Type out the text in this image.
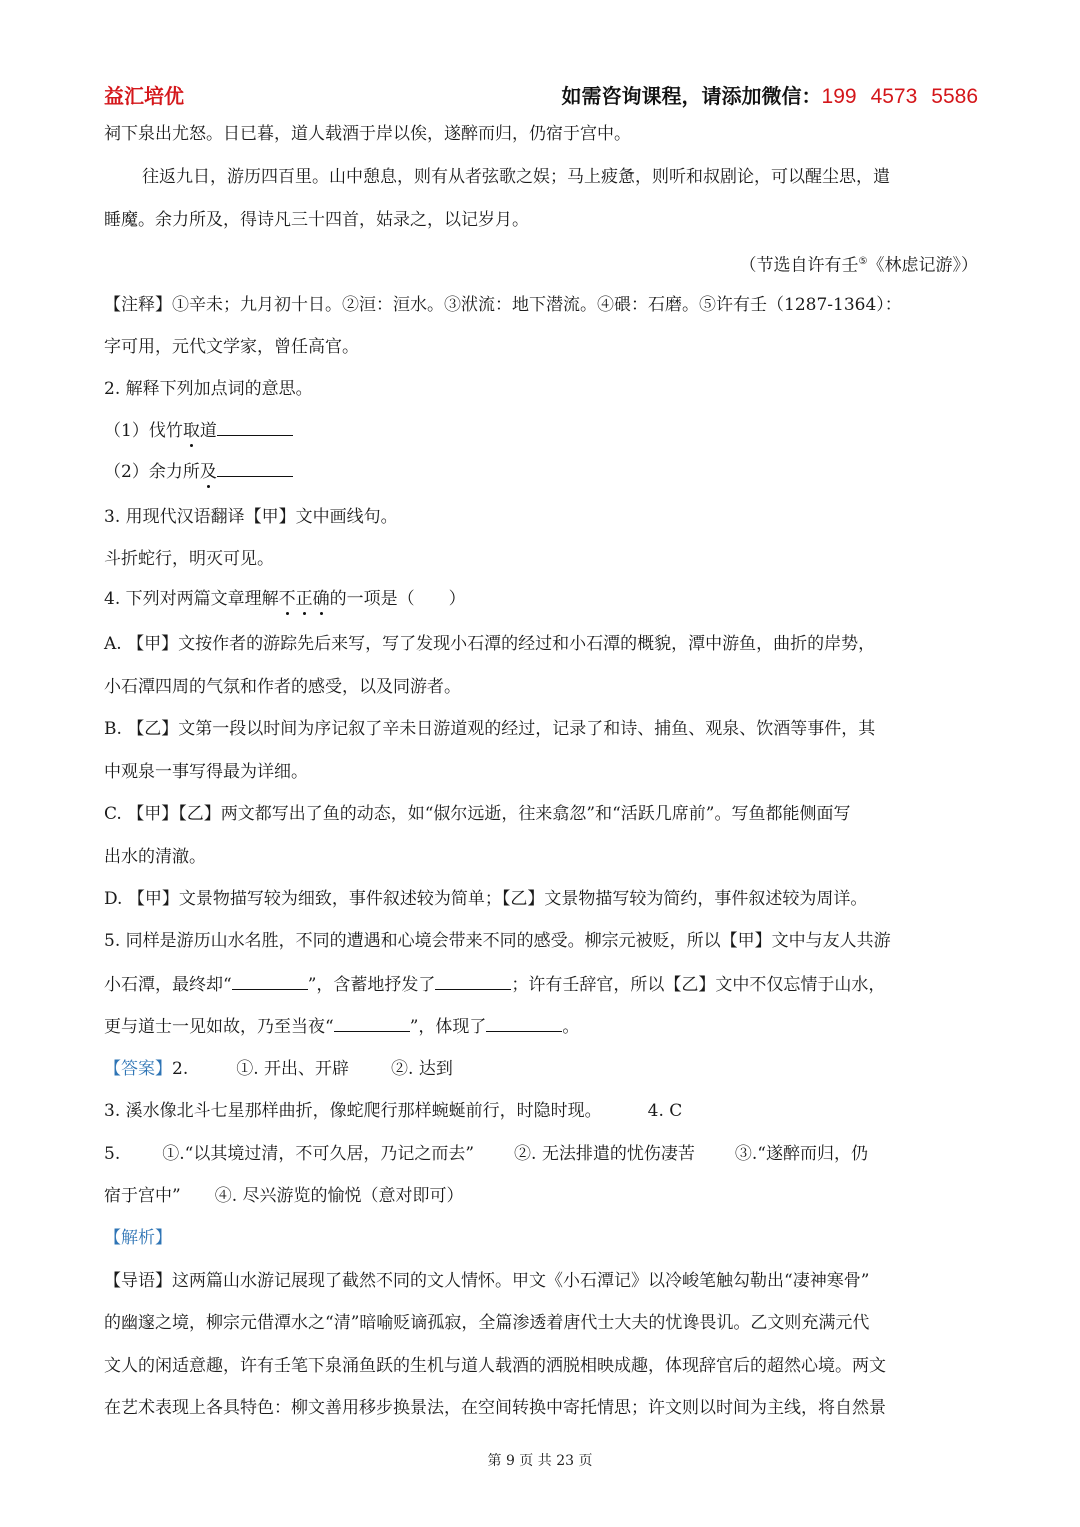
益汇培优	如需咨询课程，请添加微信：199 4573 5586
祠下泉出尤怒。日已暮，道人载酒于岸以俟，遂醉而归，仍宿于宫中。
往返九日，游历四百里。山中憩息，则有从者弦歌之娱；马上疲惫，则听和叔剧论，可以醒尘思，遣
睡魔。余力所及，得诗凡三十四首，姑录之，以记岁月。
（节选自许有壬⑤《林虑记游》）
【注释】①辛未；九月初十日。②洹：洹水。③洑流：地下潜流。④碨：石磨。⑤许有壬（1287-1364）：
字可用，元代文学家，曾任高官。
2. 解释下列加点词的意思。
（1）伐竹取道
（2）余力所及
3. 用现代汉语翻译【甲】文中画线句。
斗折蛇行，明灭可见。
4. 下列对两篇文章理解不正确的一项是（　　）
A. 【甲】文按作者的游踪先后来写，写了发现小石潭的经过和小石潭的概貌，潭中游鱼，曲折的岸势，
小石潭四周的气氛和作者的感受，以及同游者。
B. 【乙】文第一段以时间为序记叙了辛未日游道观的经过，记录了和诗、捕鱼、观泉、饮酒等事件，其
中观泉一事写得最为详细。
C. 【甲】【乙】两文都写出了鱼的动态，如“俶尔远逝，往来翕忽”和“活跃几席前”。写鱼都能侧面写
出水的清澈。
D. 【甲】文景物描写较为细致，事件叙述较为简单；【乙】文景物描写较为简约，事件叙述较为周详。
5. 同样是游历山水名胜，不同的遭遇和心境会带来不同的感受。柳宗元被贬，所以【甲】文中与友人共游
小石潭，最终却“	”，含蓄地抒发了	；许有壬辞官，所以【乙】文中不仅忘情于山水，
更与道士一见如故，乃至当夜“	”，体现了	。
【答案】2.	①. 开出、开辟 ②. 达到
3. 溪水像北斗七星那样曲折，像蛇爬行那样蜿蜒前行，时隐时现。	4. C
5. ①.“以其境过清，不可久居，乃记之而去” ②. 无法排遣的忧伤凄苦 ③.“遂醉而归，仍
宿于宫中”　　④. 尽兴游览的愉悦（意对即可）
【解析】
【导语】这两篇山水游记展现了截然不同的文人情怀。甲文《小石潭记》以冷峻笔触勾勒出“凄神寒骨”
的幽邃之境，柳宗元借潭水之“清”暗喻贬谪孤寂，全篇渗透着唐代士大夫的忧谗畏讥。乙文则充满元代
文人的闲适意趣，许有壬笔下泉涌鱼跃的生机与道人载酒的洒脱相映成趣，体现辞官后的超然心境。两文
在艺术表现上各具特色：柳文善用移步换景法，在空间转换中寄托情思；许文则以时间为主线，将自然景
第 9 页 共 23 页
